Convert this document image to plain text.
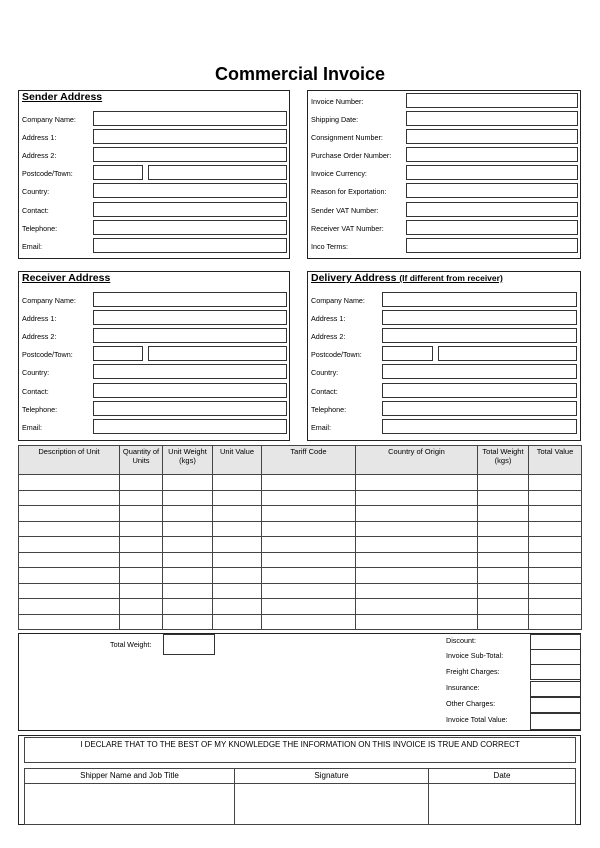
Commercial Invoice
Sender Address
Company Name:
Address 1:
Address 2:
Postcode/Town:
Country:
Contact:
Telephone:
Email:
Invoice Number:
Shipping Date:
Consignment Number:
Purchase Order Number:
Invoice Currency:
Reason for Exportation:
Sender VAT Number:
Receiver VAT Number:
Inco Terms:
Receiver Address
Company Name:
Address 1:
Address 2:
Postcode/Town:
Country:
Contact:
Telephone:
Email:
Delivery Address (If different from receiver)
Company Name:
Address 1:
Address 2:
Postcode/Town:
Country:
Contact:
Telephone:
Email:
Description of Unit	Quantity of Units	Unit Weight (kgs)	Unit Value	Tariff Code	Country of Origin	Total Weight (kgs)	Total Value

Total Weight:	Discount:
Invoice Sub-Total:
Freight Charges:
Insurance:
Other Charges:
Invoice Total Value:
I DECLARE THAT TO THE BEST OF MY KNOWLEDGE THE INFORMATION ON THIS INVOICE IS TRUE AND CORRECT
Shipper Name and Job Title	Signature	Date
